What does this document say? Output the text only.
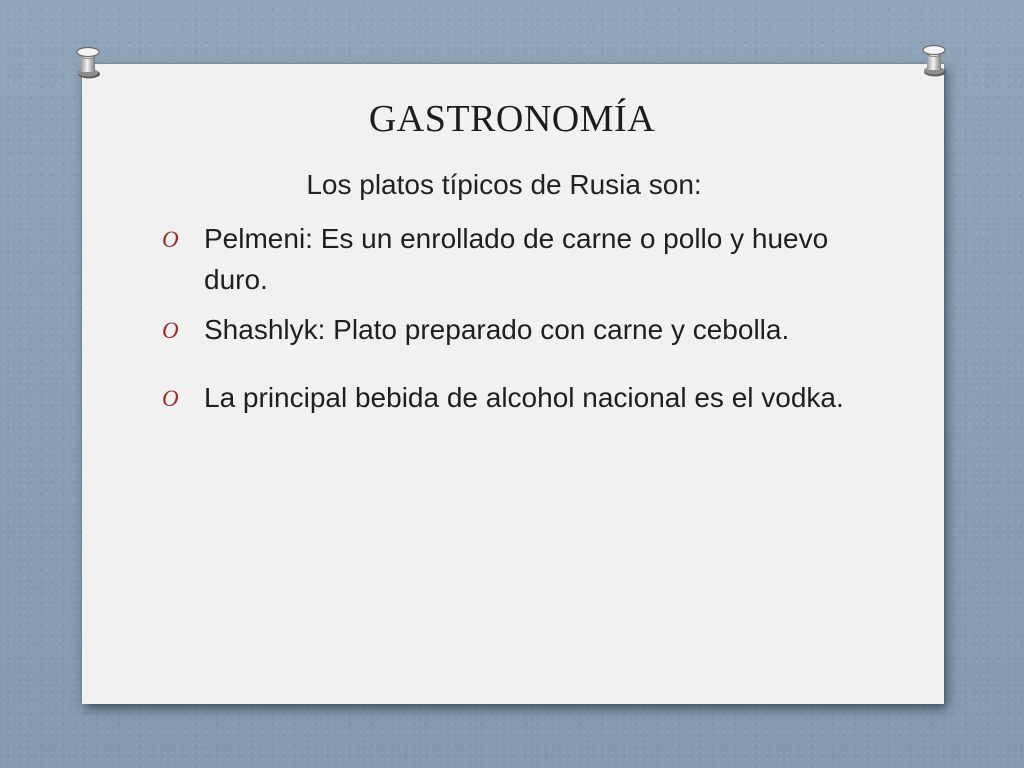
GASTRONOMÍA
Los platos típicos de Rusia son:
O Pelmeni: Es un enrollado de carne o pollo y huevo duro.
O Shashlyk: Plato preparado con carne y cebolla.
O La principal bebida de alcohol nacional es el vodka.
